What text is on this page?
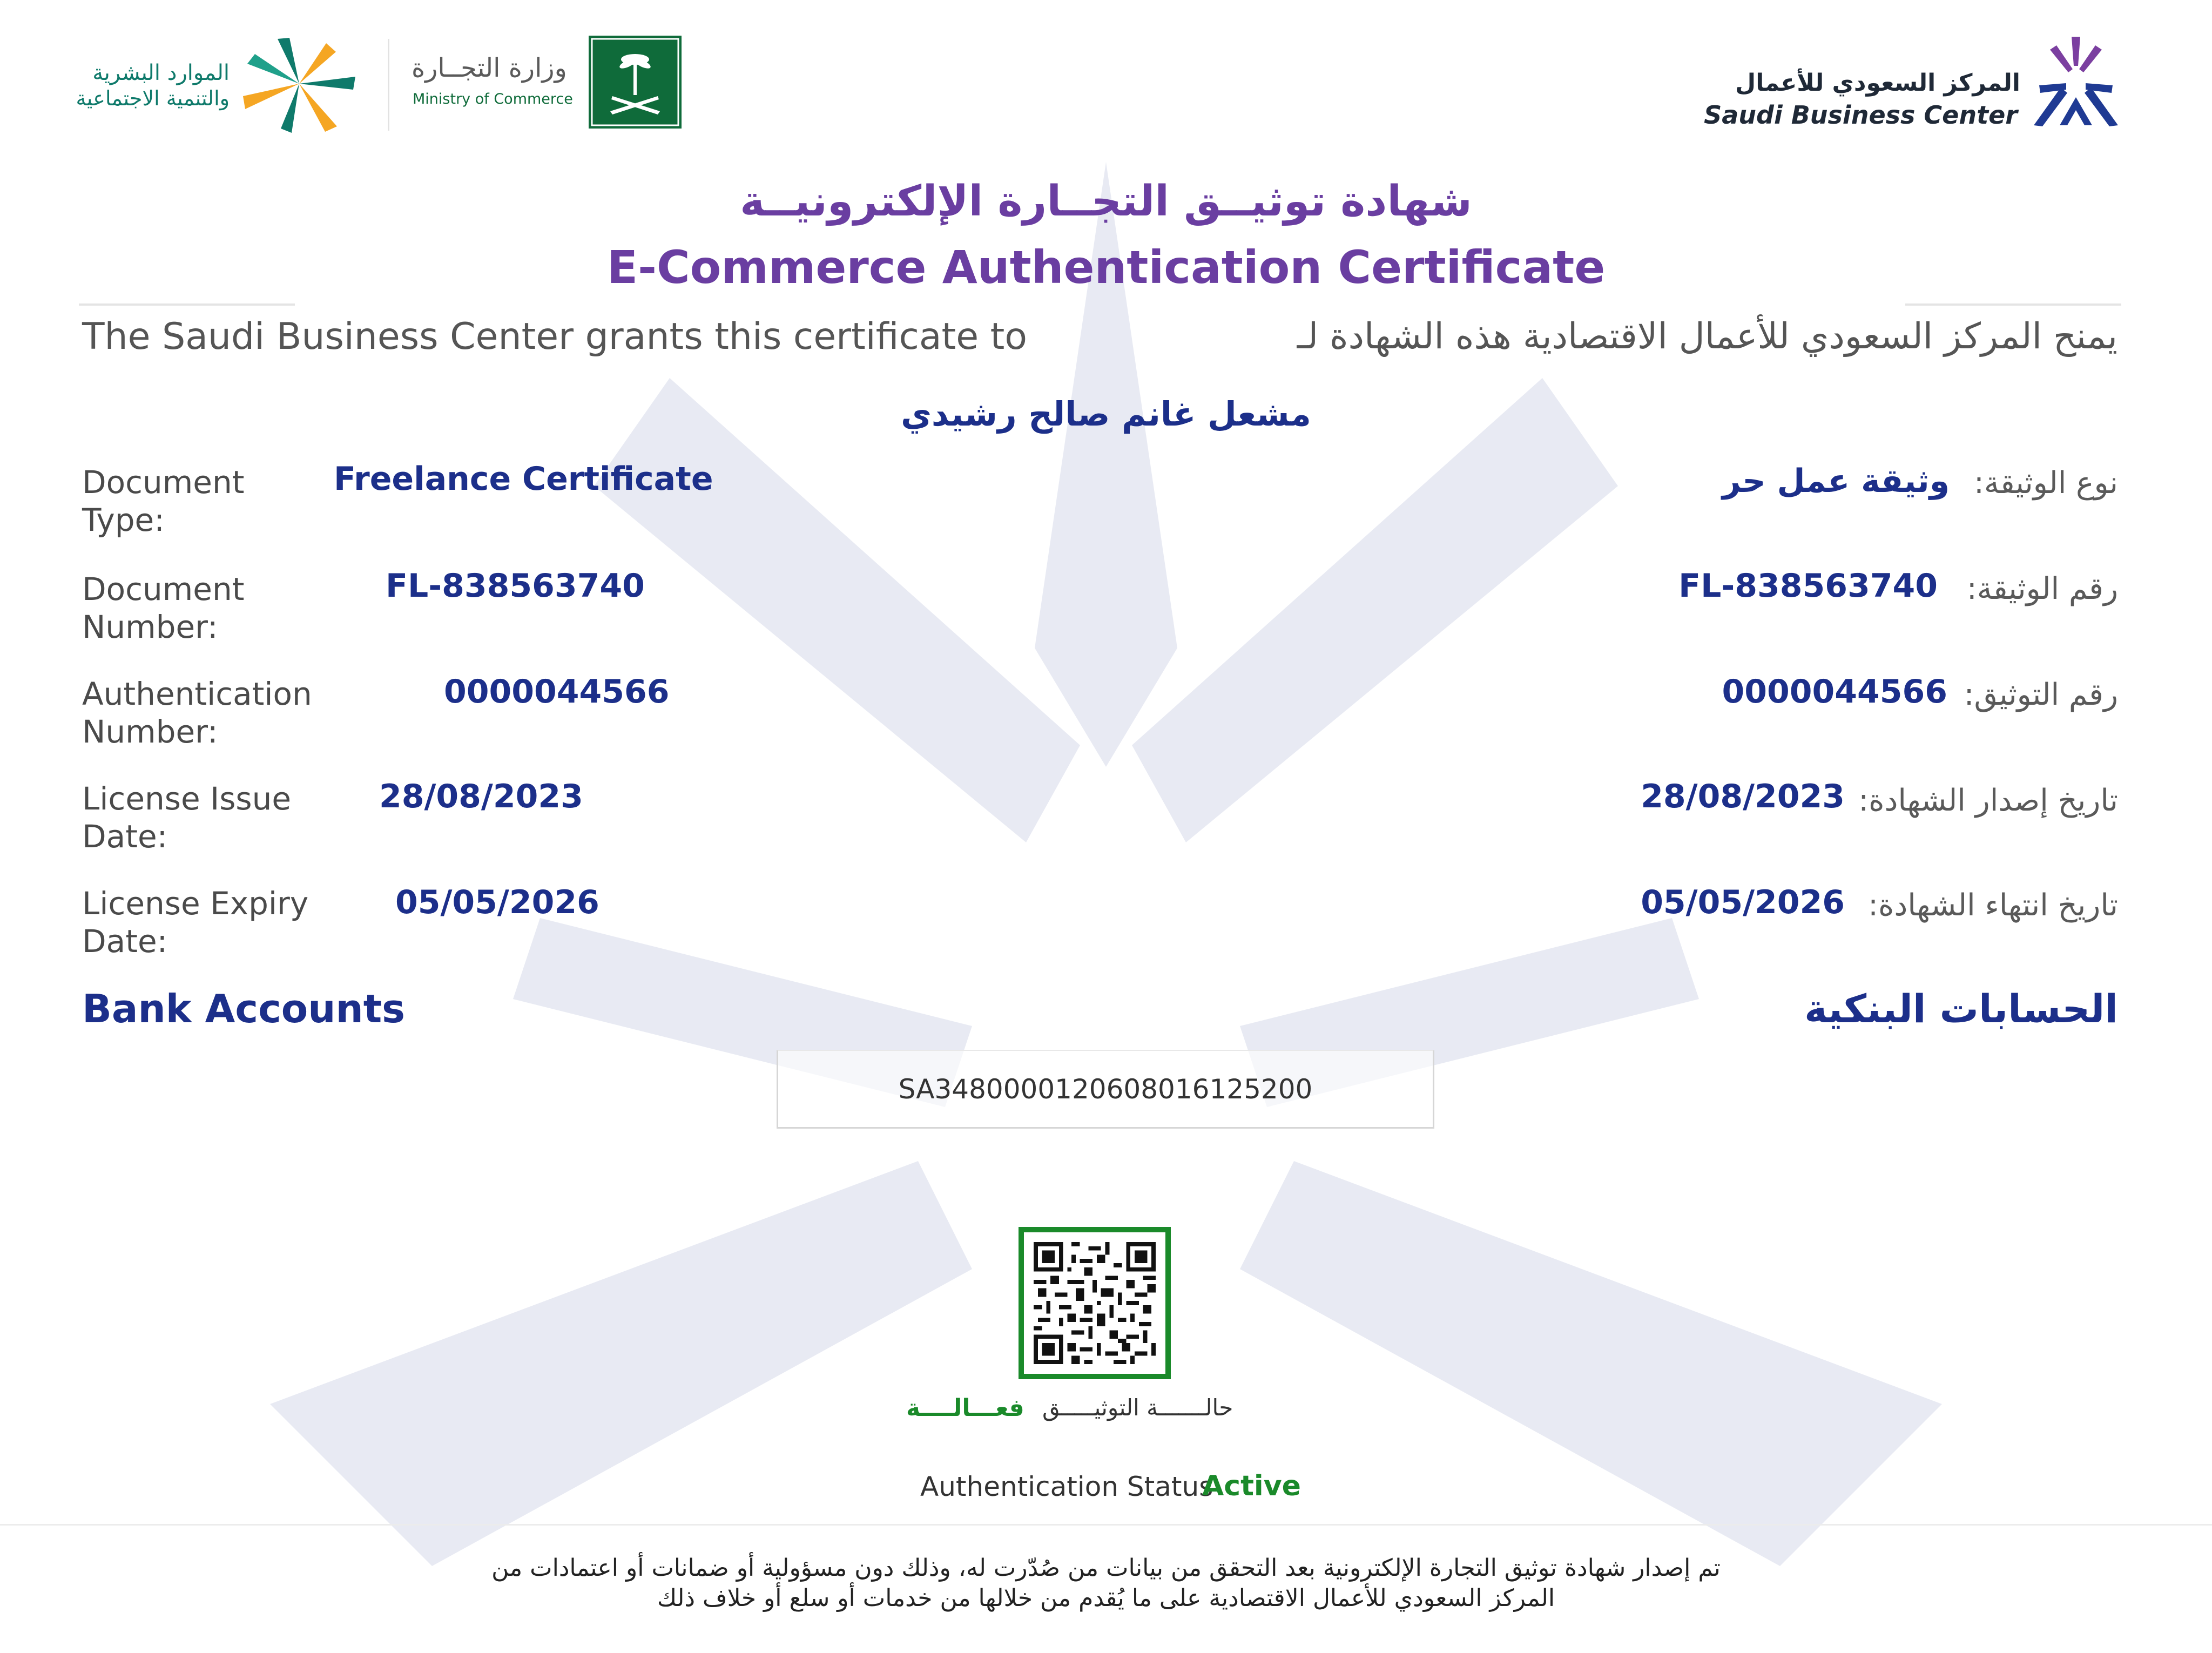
المركز السعودي للأعمال
Saudi Business Center
وزارة التجــارة
Ministry of Commerce
الموارد البشرية
والتنمية الاجتماعية
شهادة توثيــق التجــارة الإلكترونيــة
E-Commerce Authentication Certificate
The Saudi Business Center grants this certificate to	يمنح المركز السعودي للأعمال الاقتصادية هذه الشهادة لـ
مشعل غانم صالح رشيدي
Document Type:
Freelance Certificate
Document Number:
FL-838563740
Authentication Number:
0000044566
License Issue Date:
28/08/2023
License Expiry Date:
05/05/2026
نوع الوثيقة:
وثيقة عمل حر
رقم الوثيقة:
FL-838563740
رقم التوثيق:
0000044566
تاريخ إصدار الشهادة:
28/08/2023
تاريخ انتهاء الشهادة:
05/05/2026
Bank Accounts	الحسابات البنكية
SA3480000120608016125200
حالـــــــة التوثيـــــق
فعـــالــــة
Authentication Status
Active
تم إصدار شهادة توثيق التجارة الإلكترونية بعد التحقق من بيانات من صُدّرت له، وذلك دون مسؤولية أو ضمانات أو اعتمادات من المركز السعودي للأعمال الاقتصادية على ما يُقدم من خلالها من خدمات أو سلع أو خلاف ذلك
